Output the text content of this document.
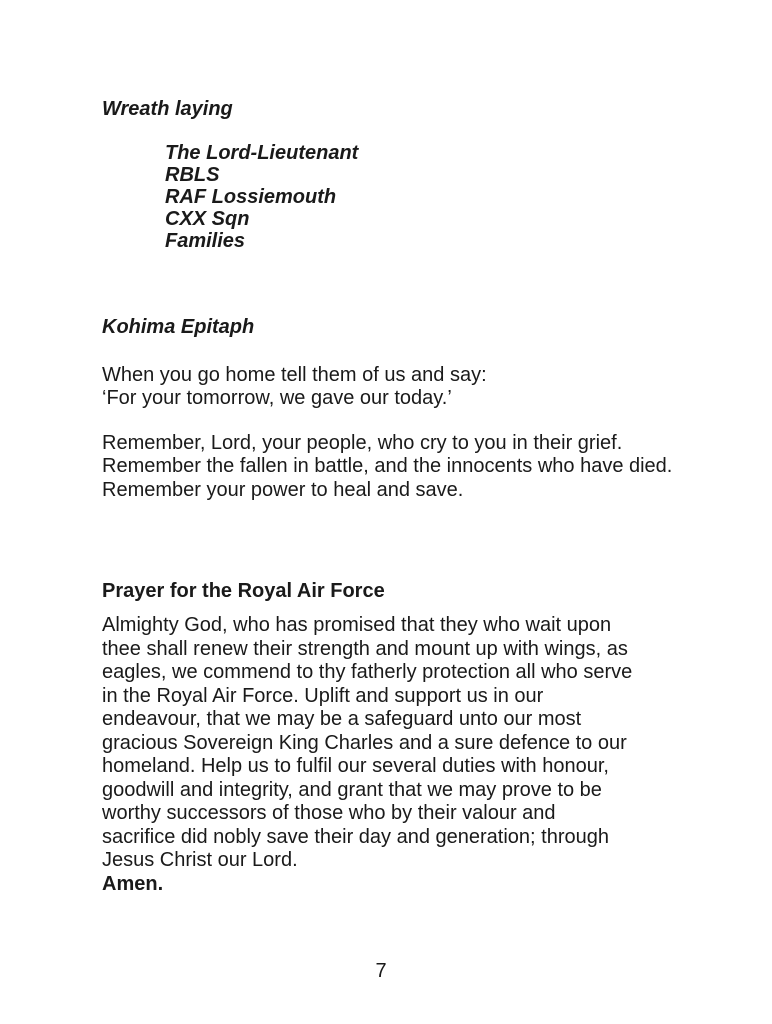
Wreath laying
The Lord-Lieutenant
RBLS
RAF Lossiemouth
CXX Sqn
Families
Kohima Epitaph
When you go home tell them of us and say:
‘For your tomorrow, we gave our today.’
Remember, Lord, your people, who cry to you in their grief.
Remember the fallen in battle, and the innocents who have died.
Remember your power to heal and save.
Prayer for the Royal Air Force
Almighty God, who has promised that they who wait upon
thee shall renew their strength and mount up with wings, as
eagles, we commend to thy fatherly protection all who serve
in the Royal Air Force. Uplift and support us in our
endeavour, that we may be a safeguard unto our most
gracious Sovereign King Charles and a sure defence to our
homeland. Help us to fulfil our several duties with honour,
goodwill and integrity, and grant that we may prove to be
worthy successors of those who by their valour and
sacrifice did nobly save their day and generation; through
Jesus Christ our Lord.
Amen.
7
